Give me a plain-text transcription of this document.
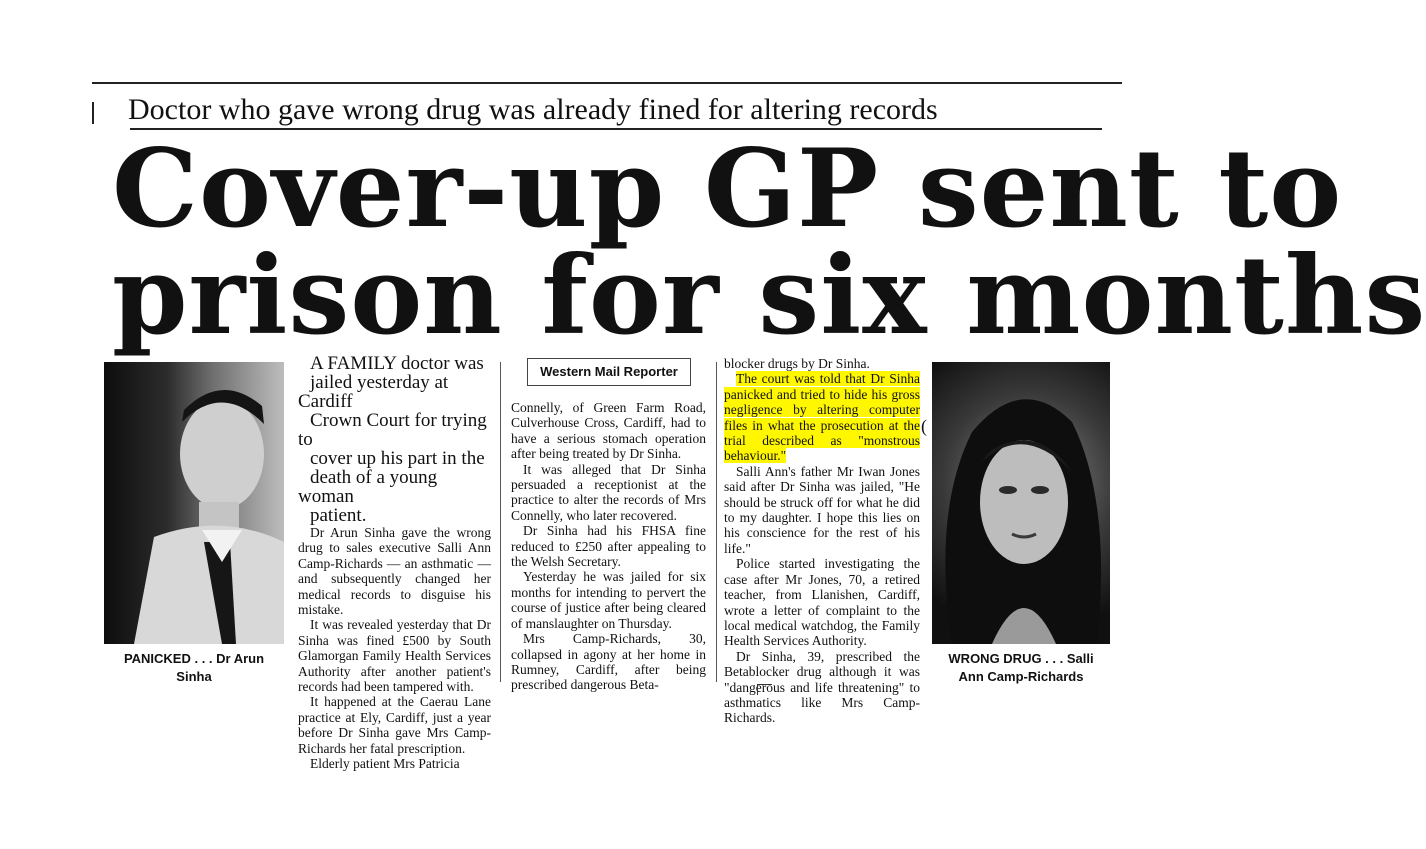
Doctor who gave wrong drug was already fined for altering records
Cover-up GP sent to
prison for six months
PANICKED . . . Dr Arun
Sinha

A FAMILY doctor was
jailed yesterday at Cardiff
Crown Court for trying to
cover up his part in the
death of a young woman
patient.

Dr Arun Sinha gave the wrong drug to sales executive Salli Ann Camp-Richards — an asthmatic — and subsequently changed her medical records to disguise his mistake.

It was revealed yesterday that Dr Sinha was fined £500 by South Glamorgan Family Health Services Authority after another patient's records had been tampered with.

It happened at the Caerau Lane practice at Ely, Cardiff, just a year before Dr Sinha gave Mrs Camp-Richards her fatal prescription.

Elderly patient Mrs Patricia

Western Mail Reporter

Connelly, of Green Farm Road, Culverhouse Cross, Cardiff, had to have a serious stomach operation after being treated by Dr Sinha.

It was alleged that Dr Sinha persuaded a receptionist at the practice to alter the records of Mrs Connelly, who later recovered.

Dr Sinha had his FHSA fine reduced to £250 after appealing to the Welsh Secretary.

Yesterday he was jailed for six months for intending to pervert the course of justice after being cleared of manslaughter on Thursday.

Mrs Camp-Richards, 30, collapsed in agony at her home in Rumney, Cardiff, after being prescribed dangerous Beta-

blocker drugs by Dr Sinha.

The court was told that Dr Sinha panicked and tried to hide his gross negligence by altering computer files in what the prosecution at the trial described as "monstrous behaviour."

Salli Ann's father Mr Iwan Jones said after Dr Sinha was jailed, "He should be struck off for what he did to my daughter. I hope this lies on his conscience for the rest of his life."

Police started investigating the case after Mr Jones, 70, a retired teacher, from Llanishen, Cardiff, wrote a letter of complaint to the local medical watchdog, the Family Health Services Authority.

Dr Sinha, 39, prescribed the Betablocker drug although it was "dangerous and life threatening" to asthmatics like Mrs Camp-Richards.

(
WRONG DRUG . . . Salli
Ann Camp-Richards
